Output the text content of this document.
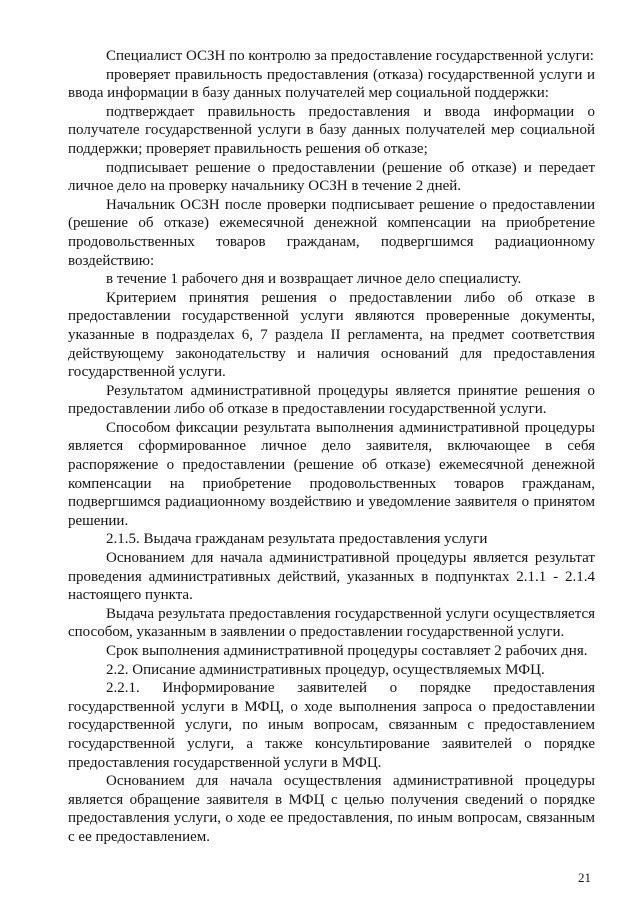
Специалист ОСЗН по контролю за предоставление государственной услуги:

проверяет правильность предоставления (отказа) государственной услуги и ввода информации в базу данных получателей мер социальной поддержки:

подтверждает правильность предоставления и ввода информации о получателе государственной услуги в базу данных получателей мер социальной поддержки; проверяет правильность решения об отказе;

подписывает решение о предоставлении (решение об отказе) и передает личное дело на проверку начальнику ОСЗН в течение 2 дней.

Начальник ОСЗН после проверки подписывает решение о предоставлении (решение об отказе) ежемесячной денежной компенсации на приобретение продовольственных товаров гражданам, подвергшимся радиационному воздействию:

в течение 1 рабочего дня и возвращает личное дело специалисту.

Критерием принятия решения о предоставлении либо об отказе в предоставлении государственной услуги являются проверенные документы, указанные в подразделах 6, 7 раздела II регламента, на предмет соответствия действующему законодательству и наличия оснований для предоставления государственной услуги.

Результатом административной процедуры является принятие решения о предоставлении либо об отказе в предоставлении государственной услуги.

Способом фиксации результата выполнения административной процедуры является сформированное личное дело заявителя, включающее в себя распоряжение о предоставлении (решение об отказе) ежемесячной денежной компенсации на приобретение продовольственных товаров гражданам, подвергшимся радиационному воздействию и уведомление заявителя о принятом решении.

2.1.5. Выдача гражданам результата предоставления услуги

Основанием для начала административной процедуры является результат проведения административных действий, указанных в подпунктах 2.1.1 - 2.1.4 настоящего пункта.

Выдача результата предоставления государственной услуги осуществляется способом, указанным в заявлении о предоставлении государственной услуги.

Срок выполнения административной процедуры составляет 2 рабочих дня.

2.2. Описание административных процедур, осуществляемых МФЦ.

2.2.1. Информирование заявителей о порядке предоставления государственной услуги в МФЦ, о ходе выполнения запроса о предоставлении государственной услуги, по иным вопросам, связанным с предоставлением государственной услуги, а также консультирование заявителей о порядке предоставления государственной услуги в МФЦ.

Основанием для начала осуществления административной процедуры является обращение заявителя в МФЦ с целью получения сведений о порядке предоставления услуги, о ходе ее предоставления, по иным вопросам, связанным с ее предоставлением.

21
